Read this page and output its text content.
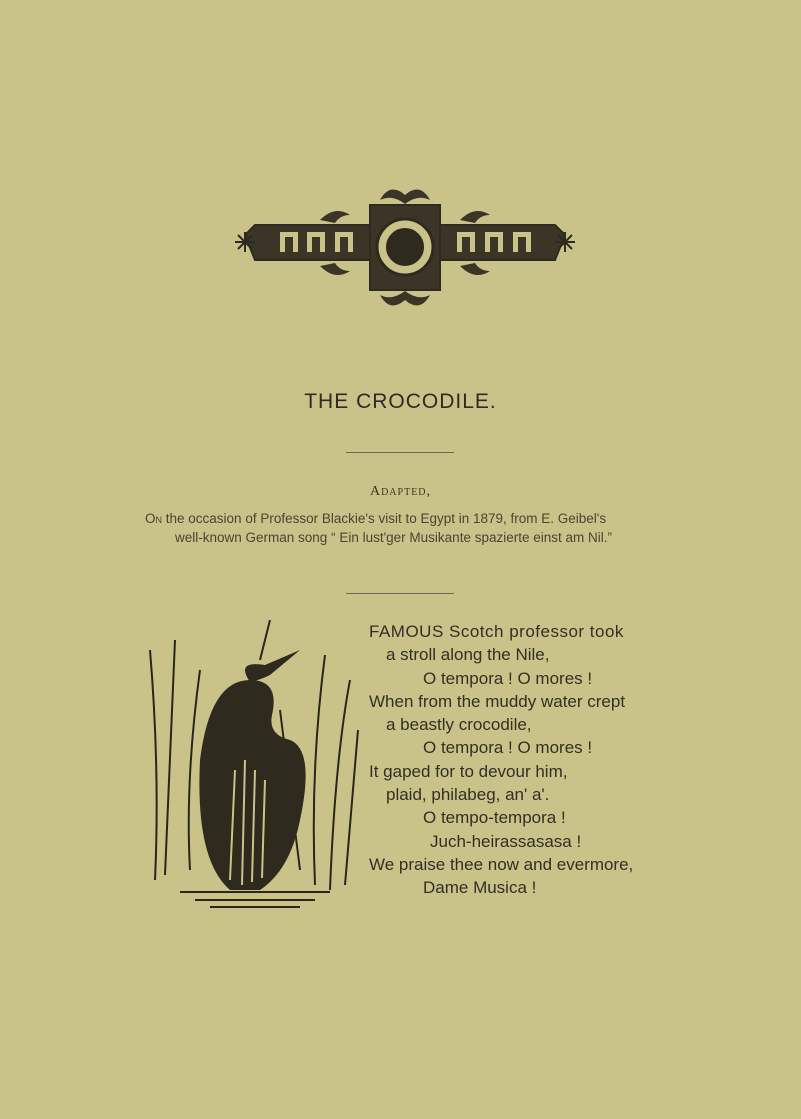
THE CROCODILE.
Adapted,
On the occasion of Professor Blackie's visit to Egypt in 1879, from E. Geibel's
well-known German song “ Ein lust'ger Musikante spazierte einst am Nil.”
FAMOUS Scotch professor took
a stroll along the Nile,
O tempora ! O mores !
When from the muddy water crept
a beastly crocodile,
O tempora ! O mores !
It gaped for to devour him,
plaid, philabeg, an' a'.
O tempo-tempora !
Juch-heirassasasa !
We praise thee now and evermore,
Dame Musica !
